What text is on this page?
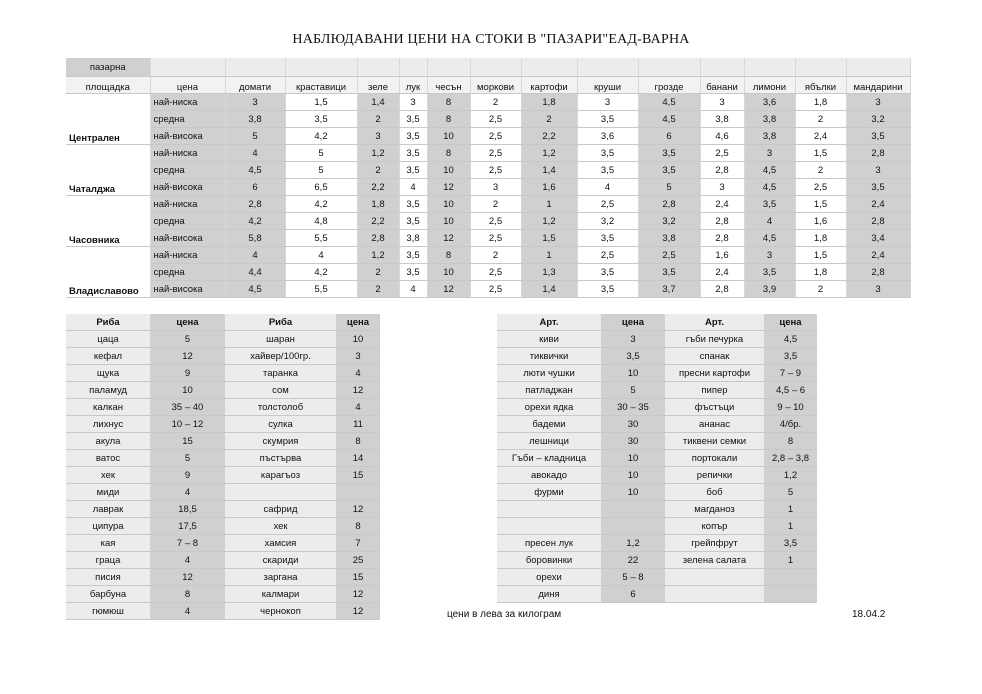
НАБЛЮДАВАНИ ЦЕНИ НА СТОКИ В "ПАЗАРИ"ЕАД-ВАРНА
пазарна														
площадка	цена	домати	краставици	зеле	лук	чесън	моркови	картофи	круши	грозде	банани	лимони	ябълки	мандарини
Централен	най-ниска	3	1,5	1,4	3	8	2	1,8	3	4,5	3	3,6	1,8	3
	средна	3,8	3,5	2	3,5	8	2,5	2	3,5	4,5	3,8	3,8	2	3,2
	най-висока	5	4,2	3	3,5	10	2,5	2,2	3,6	6	4,6	3,8	2,4	3,5
Чаталджа	най-ниска	4	5	1,2	3,5	8	2,5	1,2	3,5	3,5	2,5	3	1,5	2,8
	средна	4,5	5	2	3,5	10	2,5	1,4	3,5	3,5	2,8	4,5	2	3
	най-висока	6	6,5	2,2	4	12	3	1,6	4	5	3	4,5	2,5	3,5
Часовника	най-ниска	2,8	4,2	1,8	3,5	10	2	1	2,5	2,8	2,4	3,5	1,5	2,4
	средна	4,2	4,8	2,2	3,5	10	2,5	1,2	3,2	3,2	2,8	4	1,6	2,8
	най-висока	5,8	5,5	2,8	3,8	12	2,5	1,5	3,5	3,8	2,8	4,5	1,8	3,4
Владиславово	най-ниска	4	4	1,2	3,5	8	2	1	2,5	2,5	1,6	3	1,5	2,4
	средна	4,4	4,2	2	3,5	10	2,5	1,3	3,5	3,5	2,4	3,5	1,8	2,8
	най-висока	4,5	5,5	2	4	12	2,5	1,4	3,5	3,7	2,8	3,9	2	3
Риба	цена	Риба	цена
цаца	5	шаран	10
кефал	12	хайвер/100гр.	3
щука	9	таранка	4
паламуд	10	сом	12
калкан	35 – 40	толстолоб	4
лихнус	10 – 12	сулка	11
акула	15	скумрия	8
ватос	5	пъстърва	14
хек	9	карагъоз	15
миди	4		
лаврак	18,5	сафрид	12
ципура	17,5	хек	8
кая	7 – 8	хамсия	7
граца	4	скариди	25
писия	12	заргана	15
барбуна	8	калмари	12
гюмюш	4	чернокоп	12
Арт.	цена	Арт.	цена
киви	3	гъби печурка	4,5
тиквички	3,5	спанак	3,5
люти чушки	10	пресни картофи	7 – 9
патладжан	5	пипер	4,5 – 6
орехи ядка	30 – 35	фъстъци	9 – 10
бадеми	30	ананас	4/бр.
лешници	30	тиквени семки	8
Гъби – кладница	10	портокали	2,8 – 3,8
авокадо	10	репички	1,2
фурми	10	боб	5
		магданоз	1
		копър	1
пресен лук	1,2	грейпфрут	3,5
боровинки	22	зелена салата	1
орехи	5 – 8		
диня	6		
цени в лева за килограм	18.04.2
